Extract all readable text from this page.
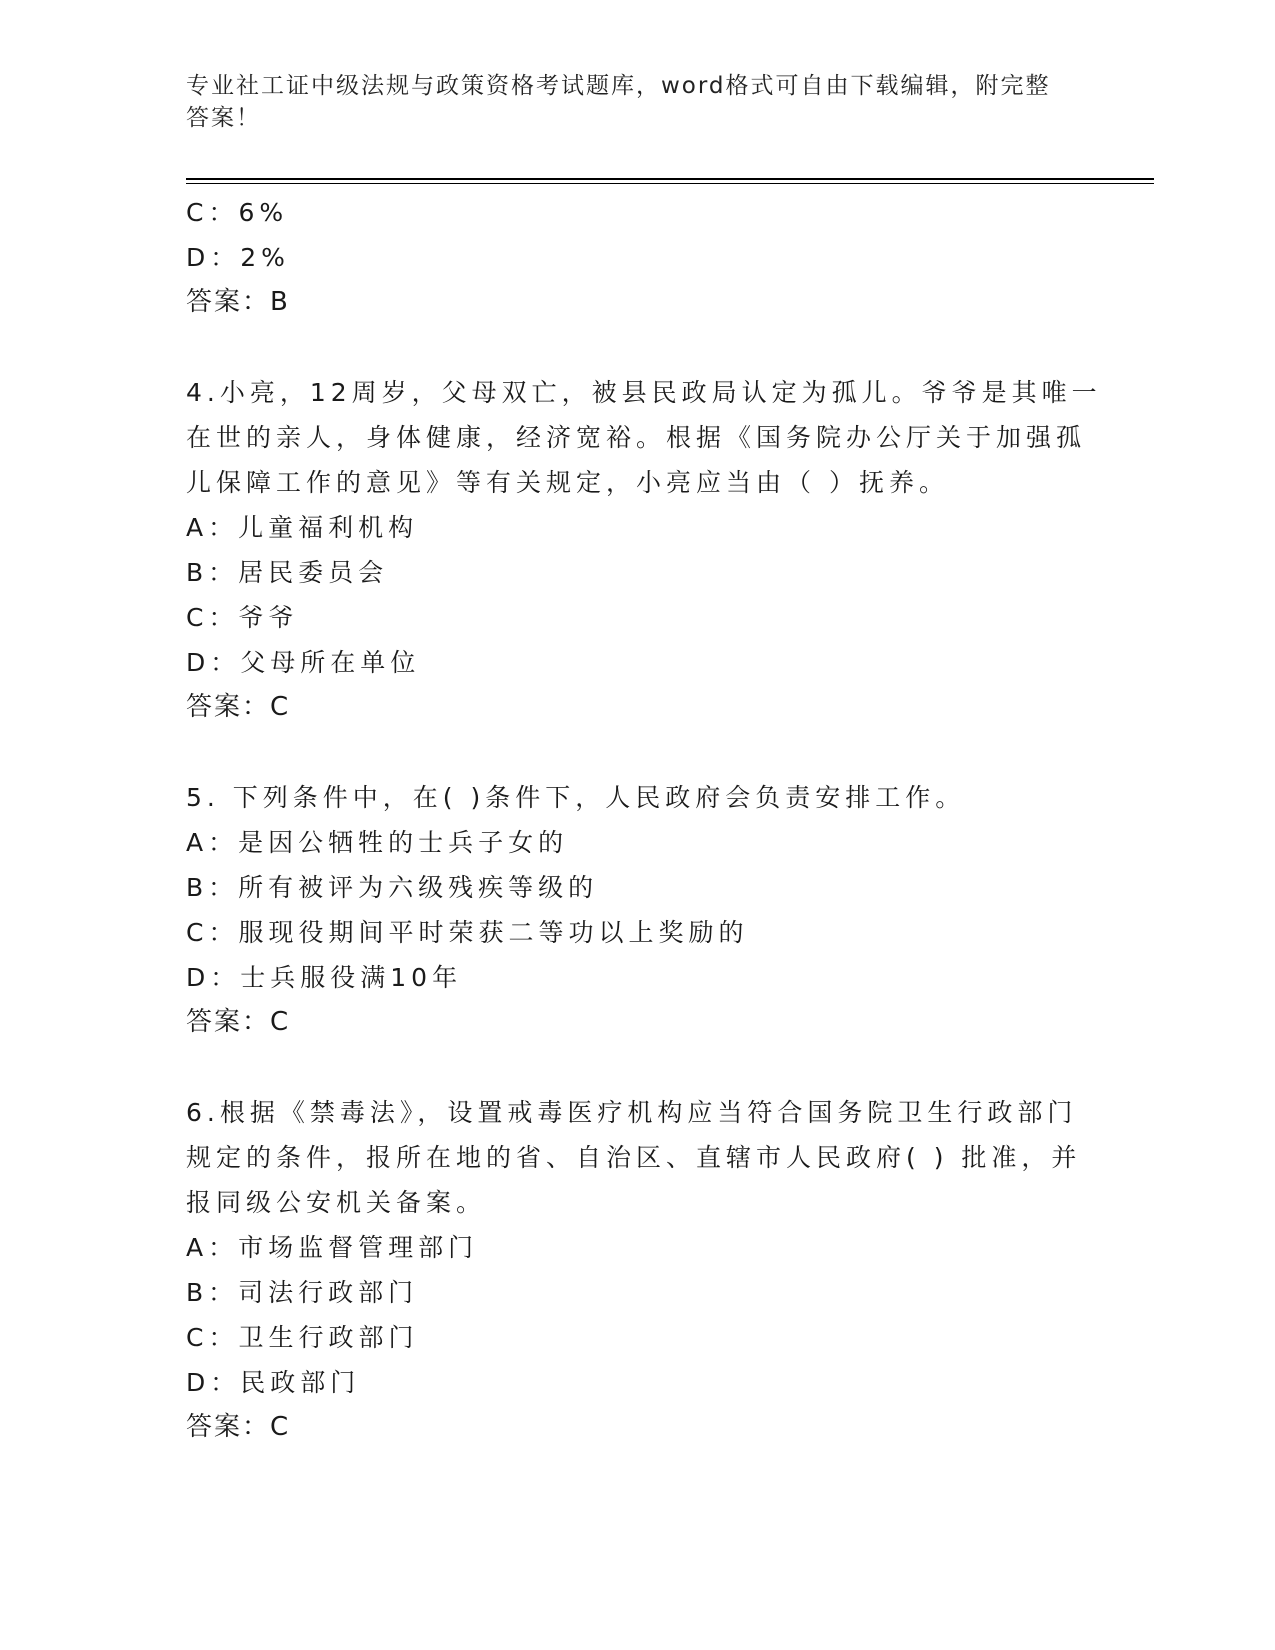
专业社工证中级法规与政策资格考试题库，word格式可自由下载编辑，附完整答案！
C：6%
D：2%
答案：B
4.小亮，12周岁，父母双亡，被县民政局认定为孤儿。爷爷是其唯一
在世的亲人，身体健康，经济宽裕。根据《国务院办公厅关于加强孤
儿保障工作的意见》等有关规定，小亮应当由（ ）抚养。
A：儿童福利机构
B：居民委员会
C：爷爷
D：父母所在单位
答案：C
5. 下列条件中，在( )条件下，人民政府会负责安排工作。
A：是因公牺牲的士兵子女的
B：所有被评为六级残疾等级的
C：服现役期间平时荣获二等功以上奖励的
D：士兵服役满10年
答案：C
6.根据《禁毒法》，设置戒毒医疗机构应当符合国务院卫生行政部门
规定的条件，报所在地的省、自治区、直辖市人民政府( ) 批准，并
报同级公安机关备案。
A：市场监督管理部门
B：司法行政部门
C：卫生行政部门
D：民政部门
答案：C
